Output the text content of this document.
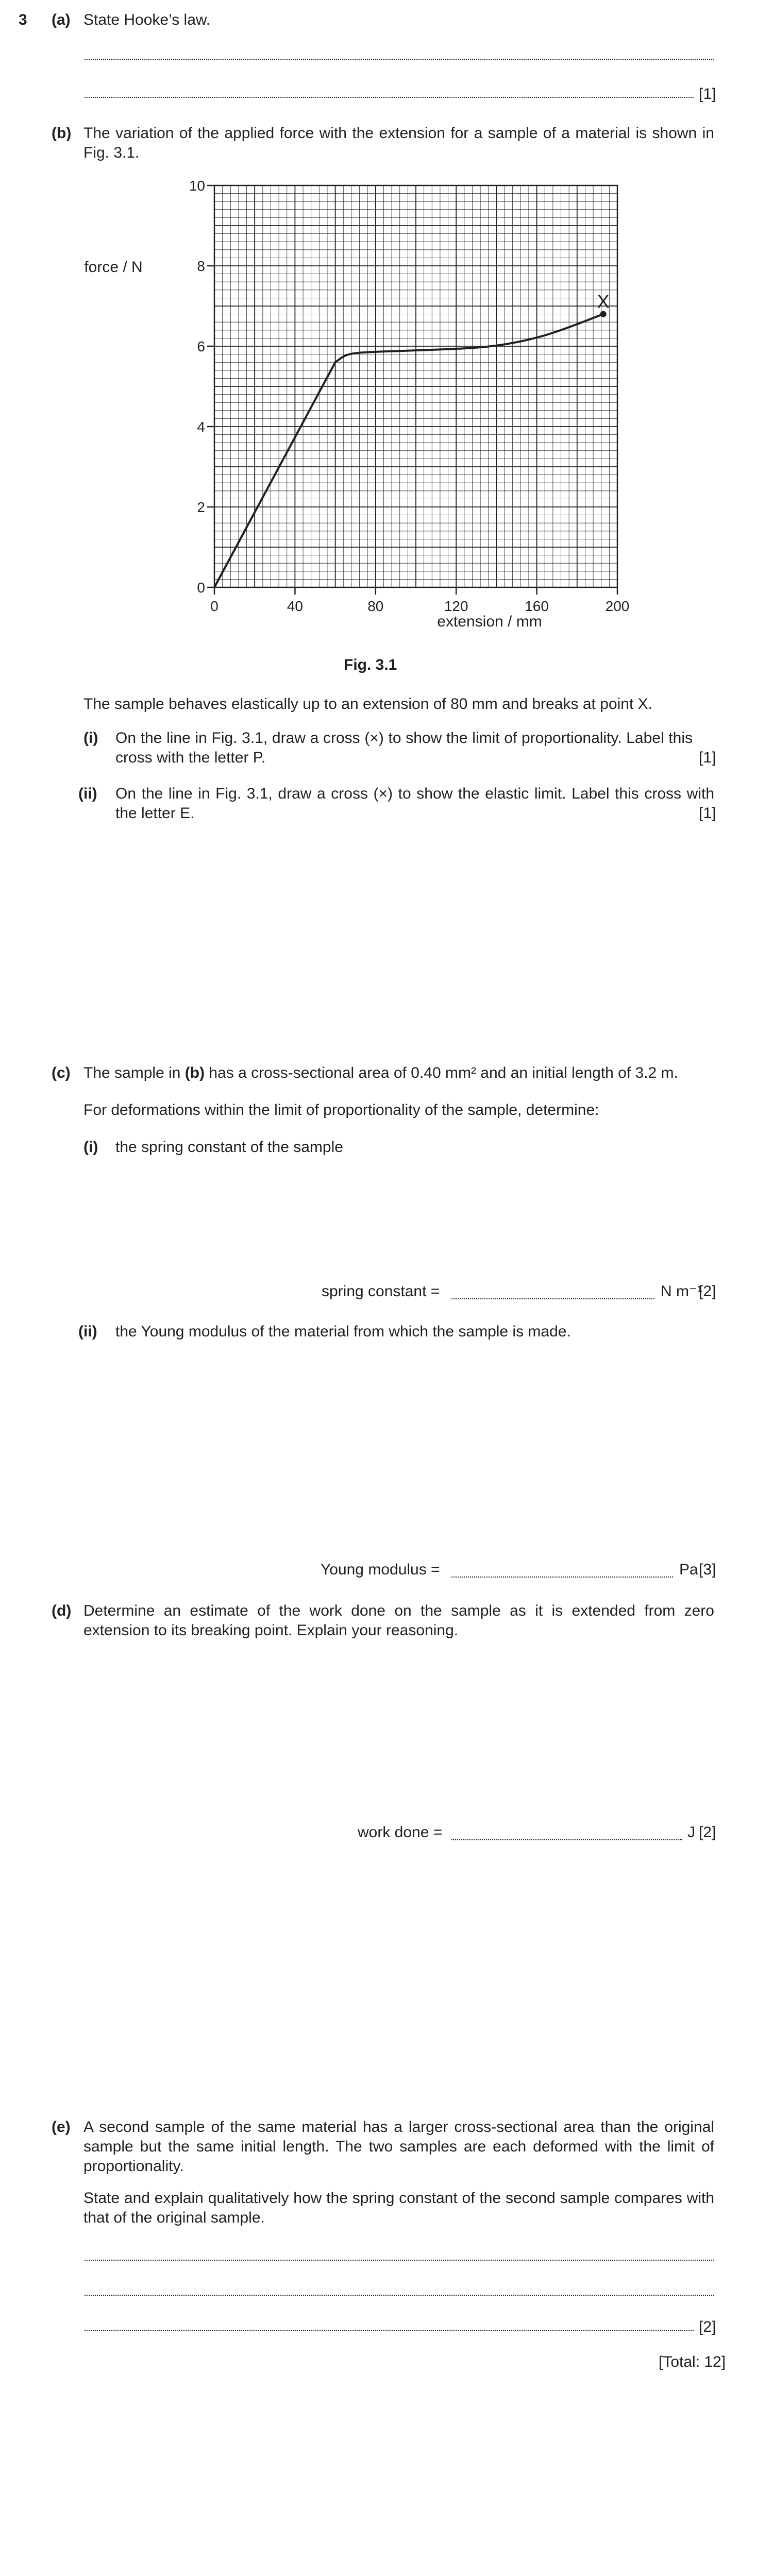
3 (a) State Hooke’s law.
[1]
(b) The variation of the applied force with the extension for a sample of a material is shown in Fig. 3.1.
0
2
4
6
8
10
0	40	80	120	160	200
X
force / N
extension / mm
Fig. 3.1
The sample behaves elastically up to an extension of 80 mm and breaks at point X.
(i) On the line in Fig. 3.1, draw a cross (×) to show the limit of proportionality. Label this cross with the letter P.	[1]
(ii) On the line in Fig. 3.1, draw a cross (×) to show the elastic limit. Label this cross with the letter E.	[1]
(c) The sample in (b) has a cross-sectional area of 0.40 mm² and an initial length of 3.2 m.
For deformations within the limit of proportionality of the sample, determine:
(i) the spring constant of the sample
spring constant =	N m⁻¹
[2]
(ii) the Young modulus of the material from which the sample is made.
Young modulus =	Pa [3]
(d) Determine an estimate of the work done on the sample as it is extended from zero extension to its breaking point. Explain your reasoning.
work done =	J [2]
(e) A second sample of the same material has a larger cross-sectional area than the original sample but the same initial length. The two samples are each deformed with the limit of proportionality.
State and explain qualitatively how the spring constant of the second sample compares with that of the original sample.
[2]
[Total: 12]
